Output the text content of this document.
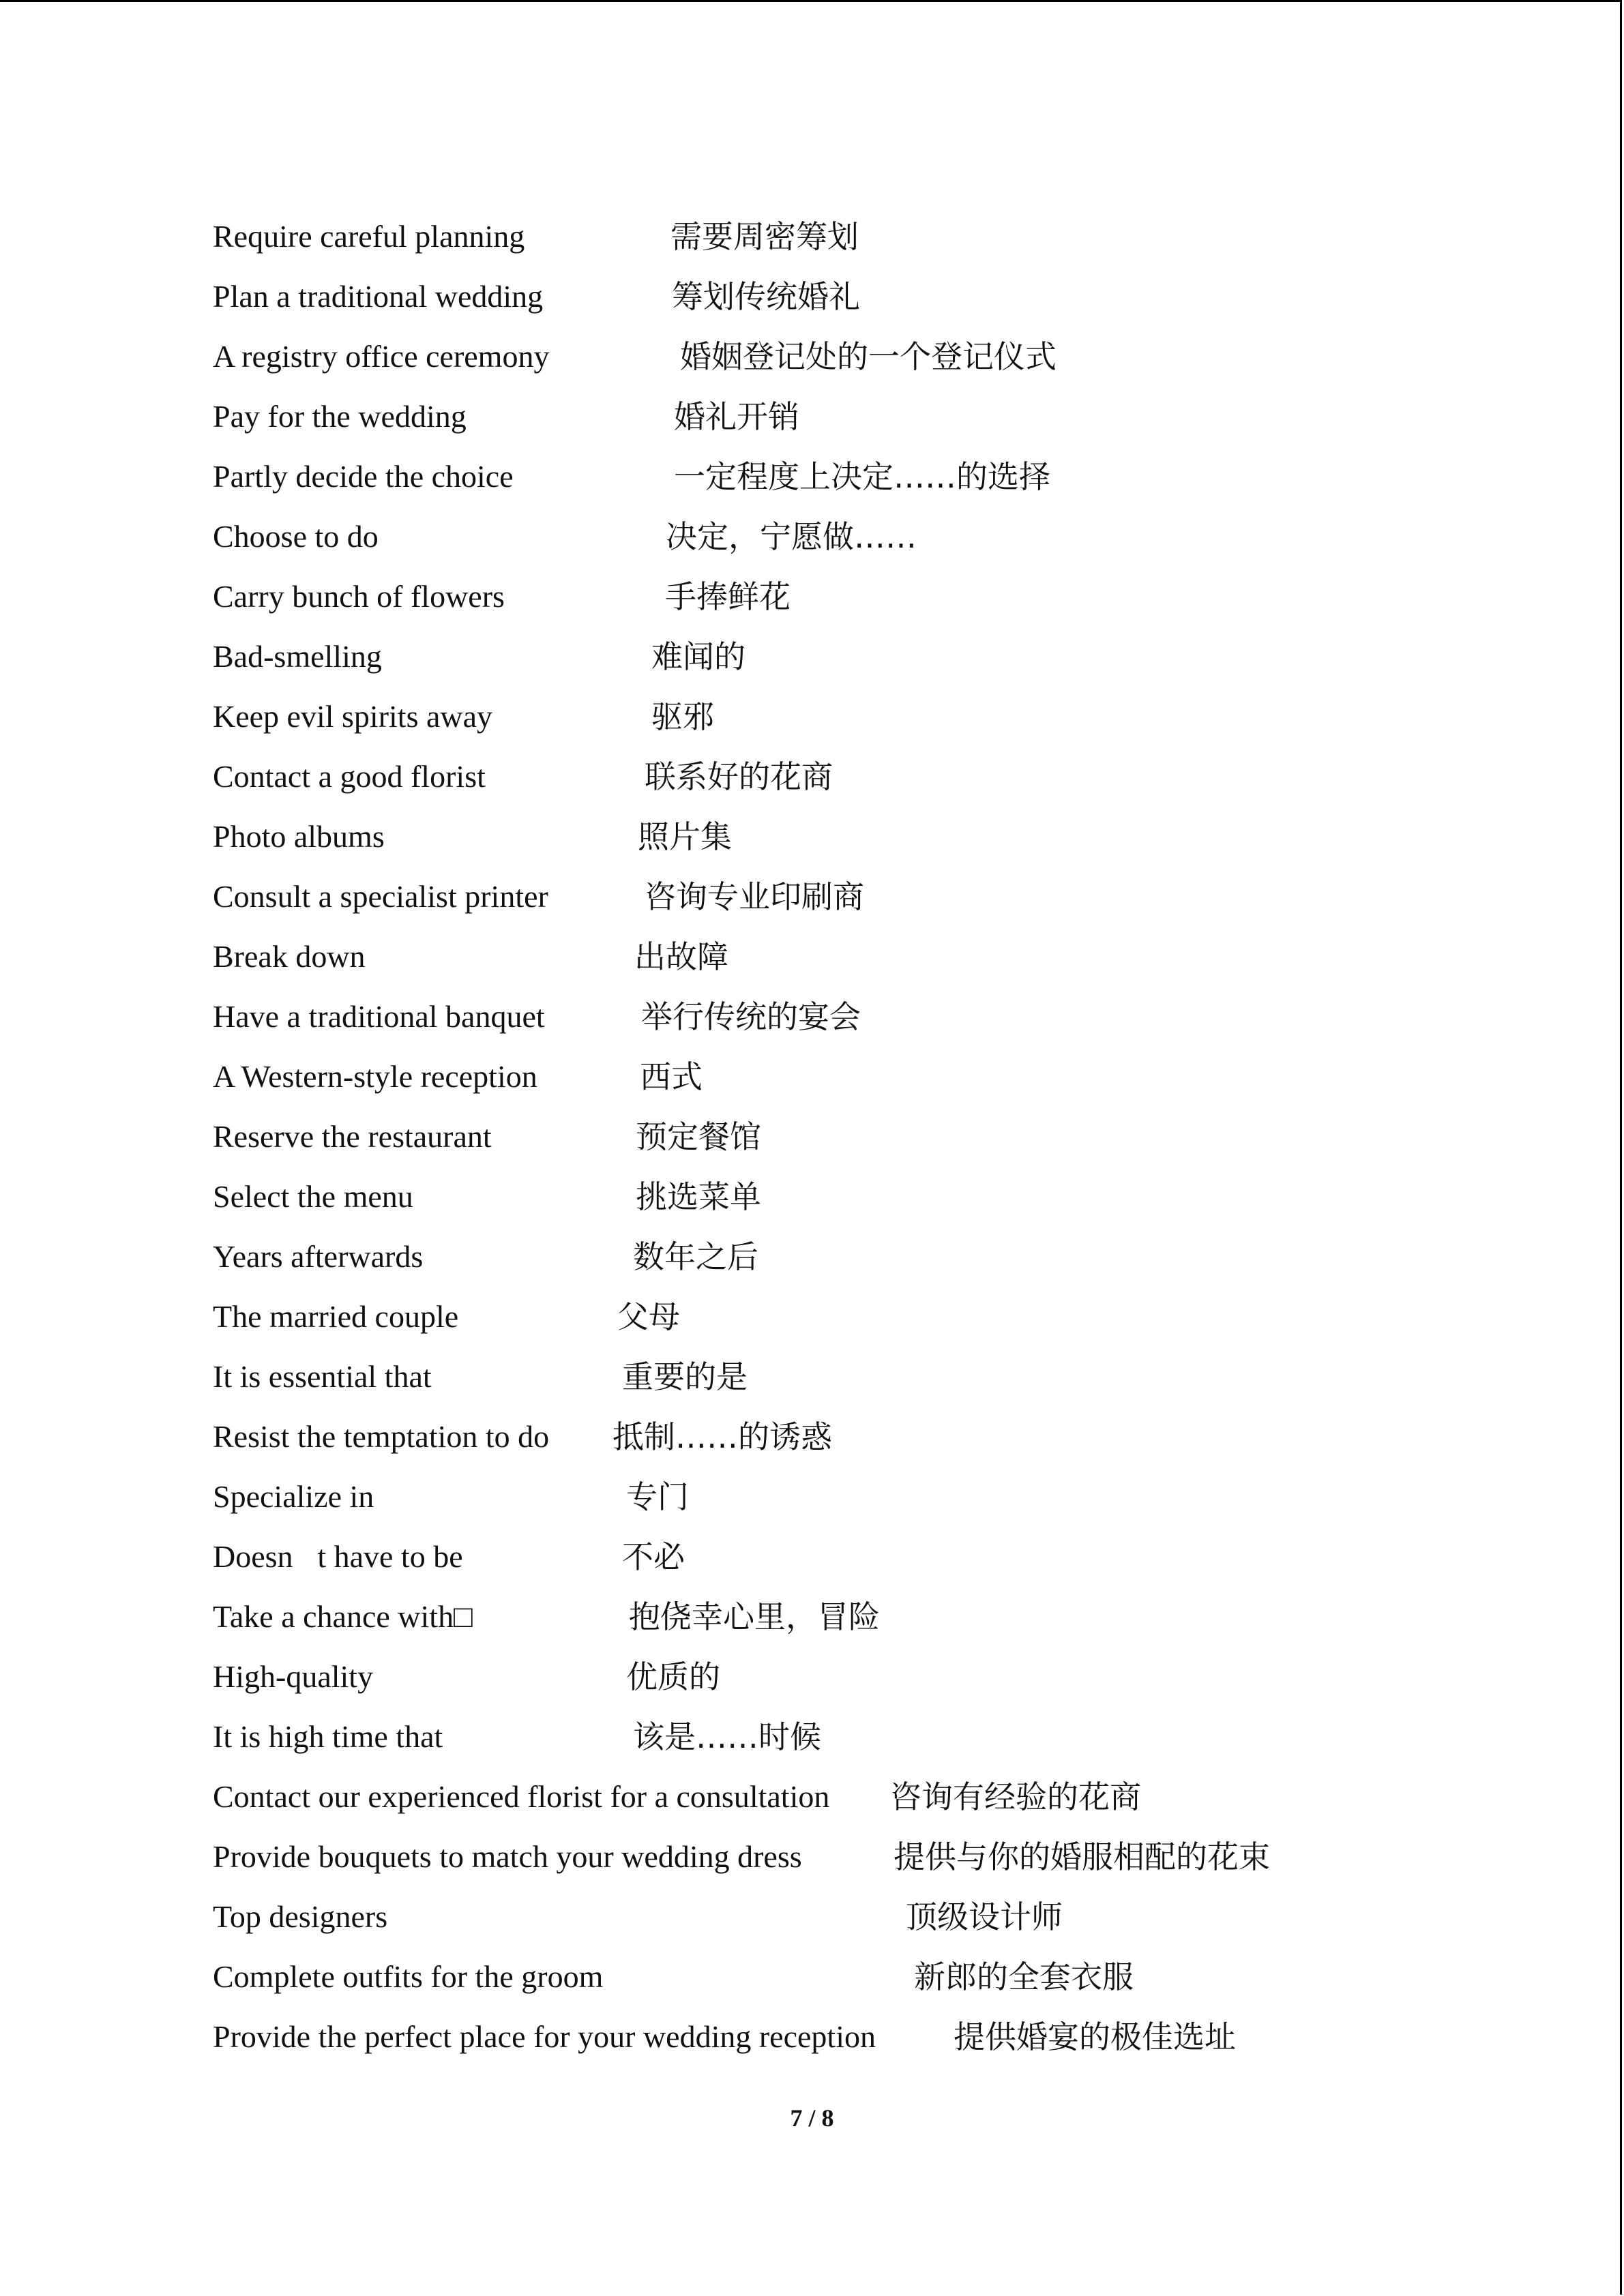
Require careful planning	需要周密筹划
Plan a traditional wedding	筹划传统婚礼
A registry office ceremony	婚姻登记处的一个登记仪式
Pay for the wedding	婚礼开销
Partly decide the choice	一定程度上决定……的选择
Choose to do	决定，宁愿做……
Carry bunch of flowers	手捧鲜花
Bad-smelling	难闻的
Keep evil spirits away	驱邪
Contact a good florist	联系好的花商
Photo albums	照片集
Consult a specialist printer	咨询专业印刷商
Break down	出故障
Have a traditional banquet	举行传统的宴会
A Western-style reception	西式
Reserve the restaurant	预定餐馆
Select the menu	挑选菜单
Years afterwards	数年之后
The married couple	父母
It is essential that	重要的是
Resist the temptation to do 抵制……的诱惑
Specialize in	专门
Doesn t have to be	不必
Take a chance with□	抱侥幸心里，冒险
High-quality	优质的
It is high time that	该是……时候
Contact our experienced florist for a consultation 咨询有经验的花商
Provide bouquets to match your wedding dress	提供与你的婚服相配的花束
Top designers	顶级设计师
Complete outfits for the groom	新郎的全套衣服
Provide the perfect place for your wedding reception 提供婚宴的极佳选址
7 / 8
